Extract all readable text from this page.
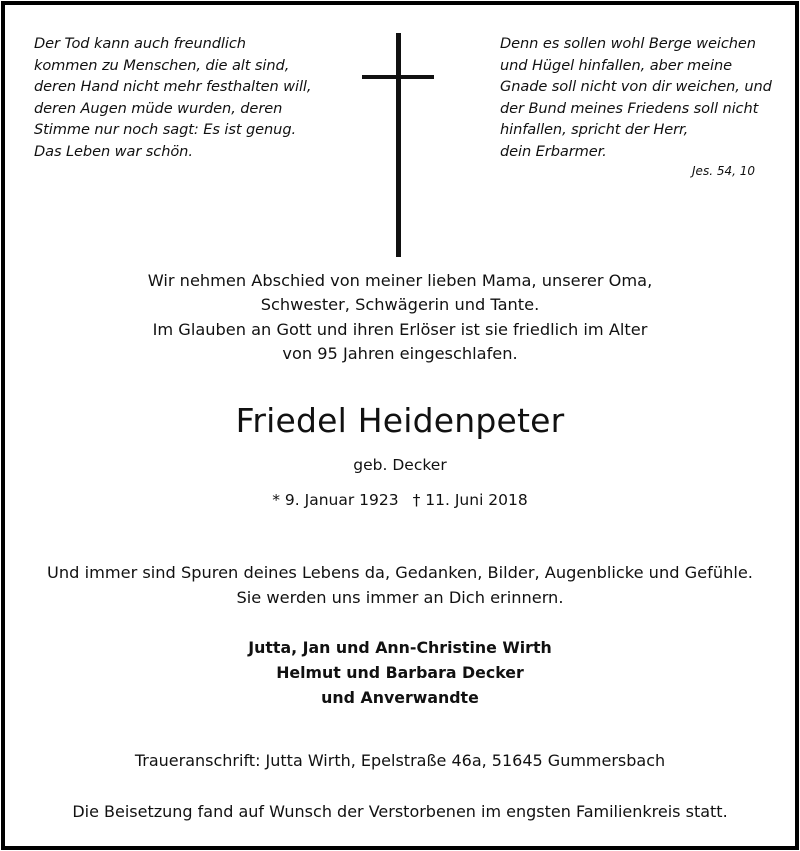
Der Tod kann auch freundlich
kommen zu Menschen, die alt sind,
deren Hand nicht mehr festhalten will,
deren Augen müde wurden, deren
Stimme nur noch sagt: Es ist genug.
Das Leben war schön.
Denn es sollen wohl Berge weichen
und Hügel hinfallen, aber meine
Gnade soll nicht von dir weichen, und
der Bund meines Friedens soll nicht
hinfallen, spricht der Herr,
dein Erbarmer.
Jes. 54, 10
Wir nehmen Abschied von meiner lieben Mama, unserer Oma,
Schwester, Schwägerin und Tante.
Im Glauben an Gott und ihren Erlöser ist sie friedlich im Alter
von 95 Jahren eingeschlafen.
Friedel Heidenpeter
geb. Decker
* 9. Januar 1923 † 11. Juni 2018
Und immer sind Spuren deines Lebens da, Gedanken, Bilder, Augenblicke und Gefühle.
Sie werden uns immer an Dich erinnern.
Jutta, Jan und Ann-Christine Wirth
Helmut und Barbara Decker
und Anverwandte
Traueranschrift: Jutta Wirth, Epelstraße 46a, 51645 Gummersbach
Die Beisetzung fand auf Wunsch der Verstorbenen im engsten Familienkreis statt.
